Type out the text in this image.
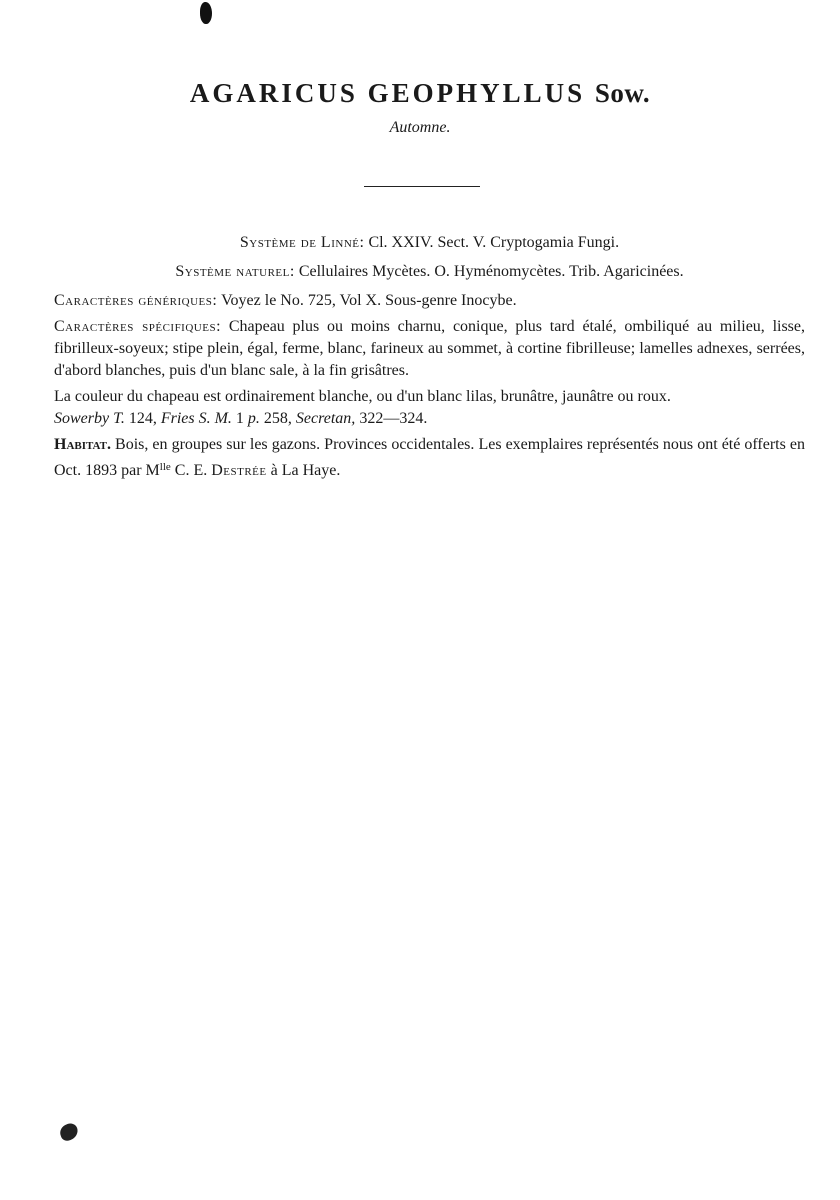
AGARICUS GEOPHYLLUS Sow.
Automne.

Système de Linné: Cl. XXIV. Sect. V. Cryptogamia Fungi.

Système naturel: Cellulaires Mycètes. O. Hyménomycètes. Trib. Agaricinées.

Caractères génériques: Voyez le No. 725, Vol X. Sous-genre Inocybe.

Caractères spécifiques: Chapeau plus ou moins charnu, conique, plus tard étalé, ombiliqué au milieu, lisse, fibrilleux-soyeux; stipe plein, égal, ferme, blanc, farineux au sommet, à cortine fibrilleuse; lamelles adnexes, serrées, d'abord blanches, puis d'un blanc sale, à la fin grisâtres.

La couleur du chapeau est ordinairement blanche, ou d'un blanc lilas, brunâtre, jaunâtre ou roux.

Sowerby T. 124, Fries S. M. 1 p. 258, Secretan, 322—324.

Habitat. Bois, en groupes sur les gazons. Provinces occidentales. Les exemplaires représentés nous ont été offerts en Oct. 1893 par $M^{lle}$ C. E. Destrée à La Haye.
